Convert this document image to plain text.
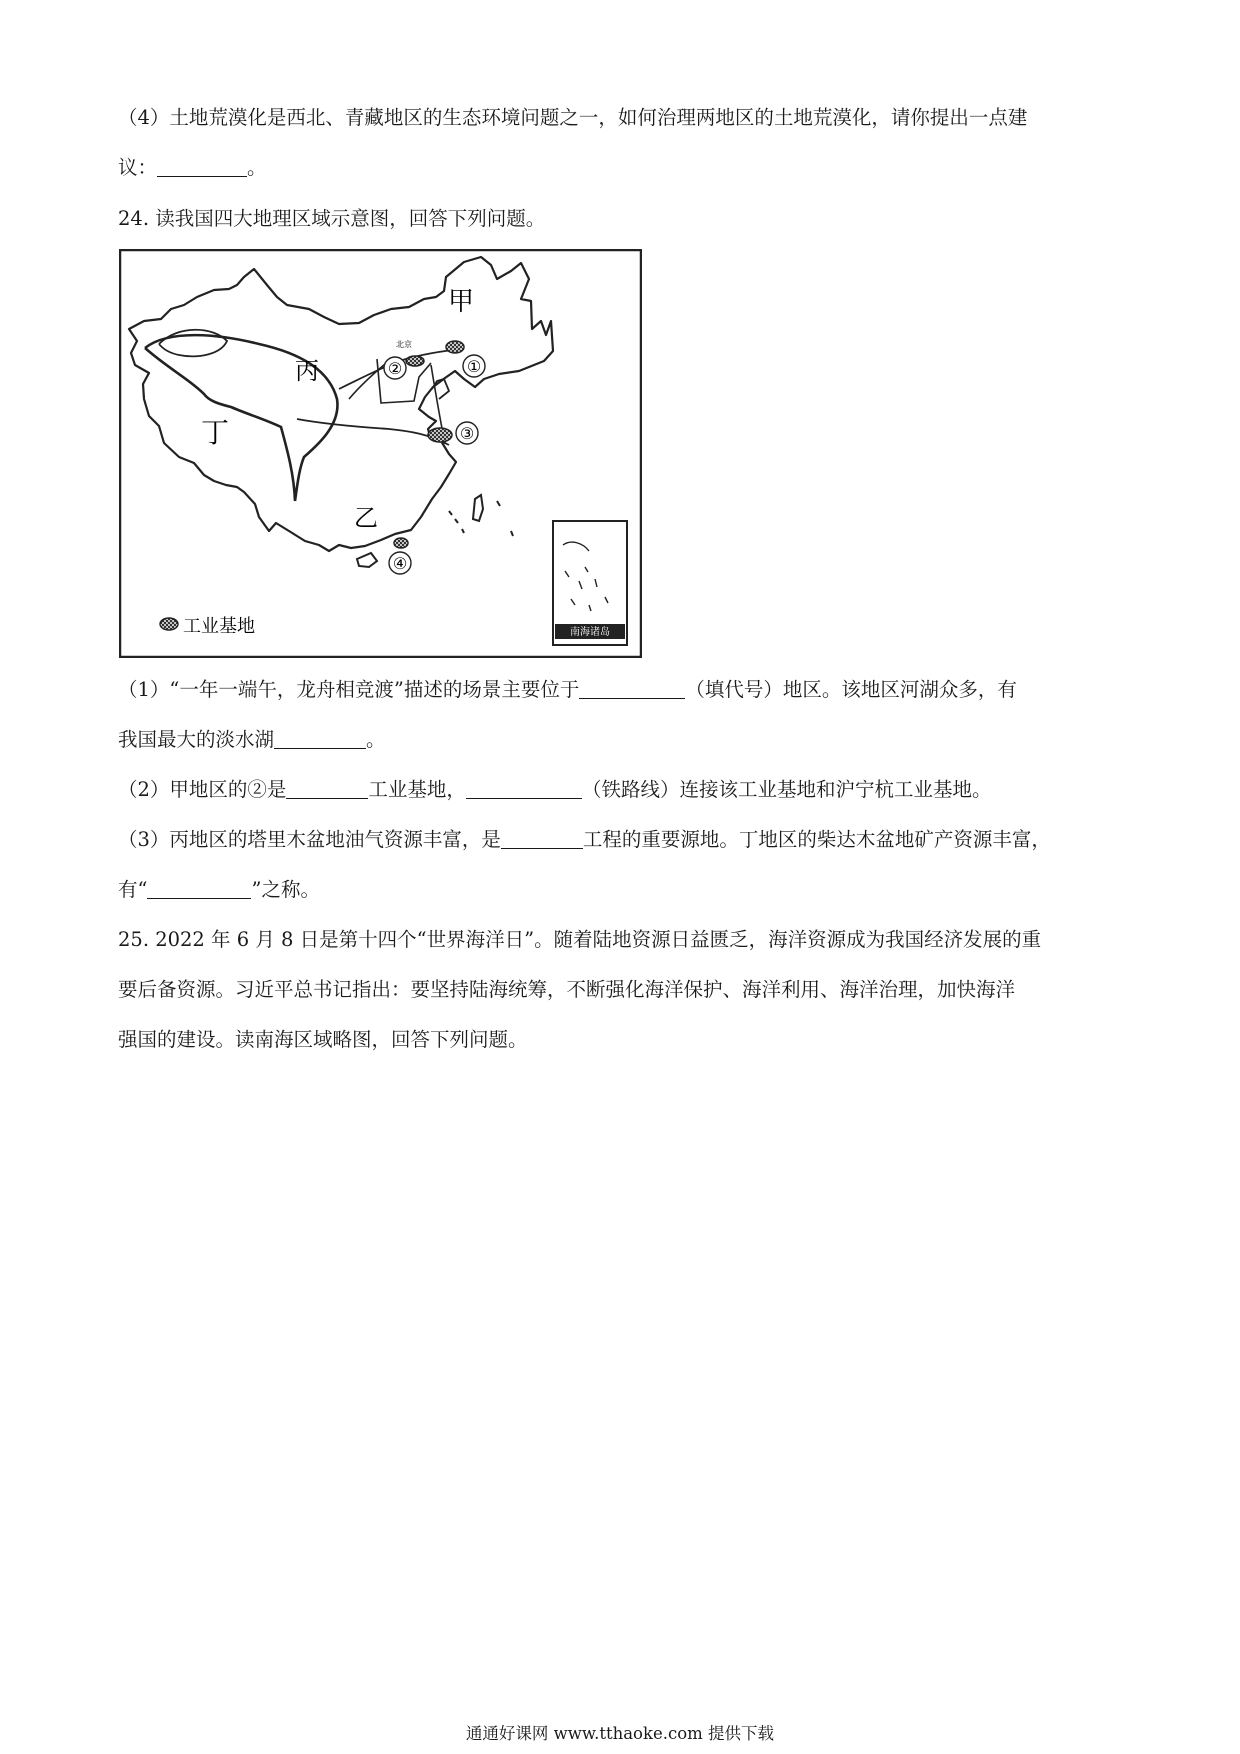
（4）土地荒漠化是西北、青藏地区的生态环境问题之一，如何治理两地区的土地荒漠化，请你提出一点建
议：	。
24. 读我国四大地理区域示意图，回答下列问题。
甲
乙
丙
丁
北京
①
②
③
④
南海诸岛
工业基地
（1）“一年一端午，龙舟相竞渡”描述的场景主要位于	（填代号）地区。该地区河湖众多，有
我国最大的淡水湖	。
（2）甲地区的②是	工业基地，	（铁路线）连接该工业基地和沪宁杭工业基地。
（3）丙地区的塔里木盆地油气资源丰富，是	工程的重要源地。丁地区的柴达木盆地矿产资源丰富，
有“	”之称。
25. 2022 年 6 月 8 日是第十四个“世界海洋日”。随着陆地资源日益匮乏，海洋资源成为我国经济发展的重
要后备资源。习近平总书记指出：要坚持陆海统筹，不断强化海洋保护、海洋利用、海洋治理，加快海洋
强国的建设。读南海区域略图，回答下列问题。
通通好课网 www.tthaoke.com 提供下载
